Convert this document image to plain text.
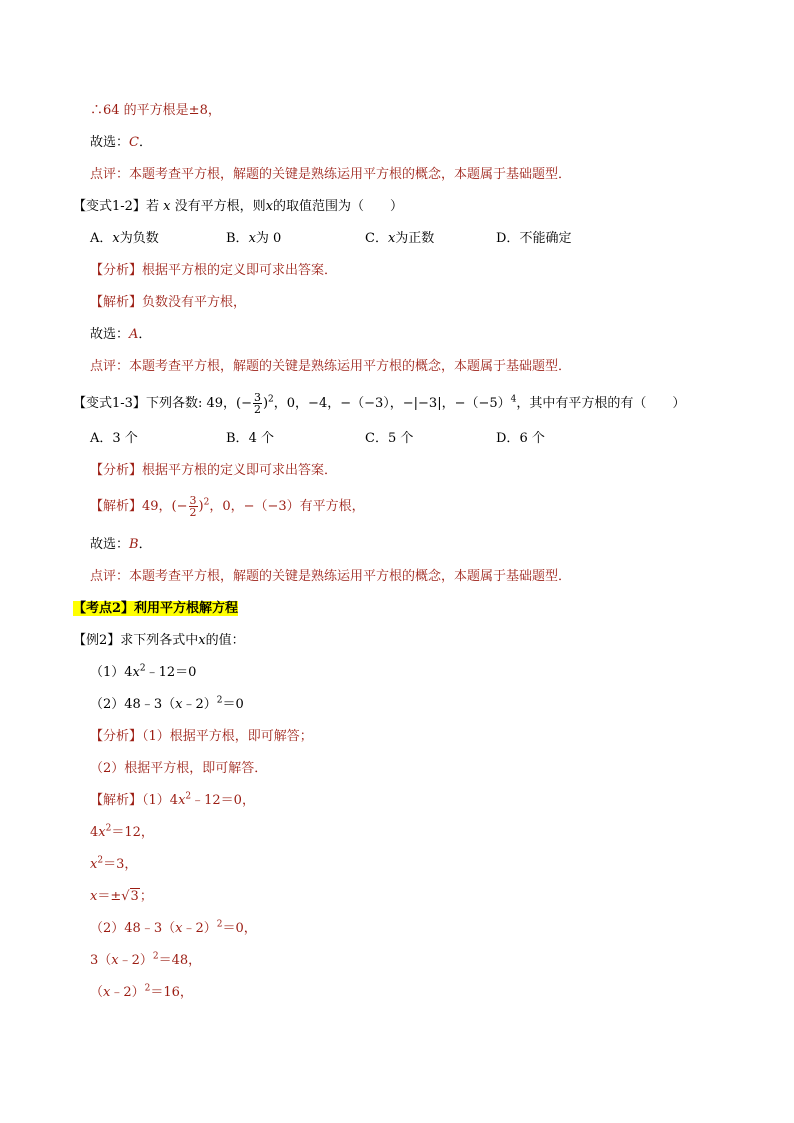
∴64 的平方根是±8，
故选：C．
点评：本题考查平方根，解题的关键是熟练运用平方根的概念，本题属于基础题型．
【变式1-2】若 x 没有平方根，则x的取值范围为（　　）
A．x为负数	B．x为 0	C．x为正数	D．不能确定
【分析】根据平方根的定义即可求出答案．
【解析】负数没有平方根，
故选：A．
点评：本题考查平方根，解题的关键是熟练运用平方根的概念，本题属于基础题型．
【变式1-3】下列各数: 49，(− $\frac{3}{2} )^2$，0，−4，−（−3），−|−3|，$-(-5)^4$，其中有平方根的有（　　）
A．3 个	B．4 个	C．5 个	D．6 个
【分析】根据平方根的定义即可求出答案．
【解析】49，(− $\frac{3}{2} )^2$，0，−（−3）有平方根，
故选：B．
点评：本题考查平方根，解题的关键是熟练运用平方根的概念，本题属于基础题型．
【考点2】利用平方根解方程
【例2】求下列各式中x的值：
$(1)4x^2﹣12=0$
（2）48﹣3（x﹣2）$^2$＝0
【分析】（1）根据平方根，即可解答；
（2）根据平方根，即可解答．
【解析】$(1)4x^2﹣12=0$，
$4x^2=12$，
$x^2=3$，
x＝±√3；
（2）48﹣3（x﹣2）$^2$＝0，
3（x﹣2）$^2$＝48，
（x﹣2）$^2$＝16，
